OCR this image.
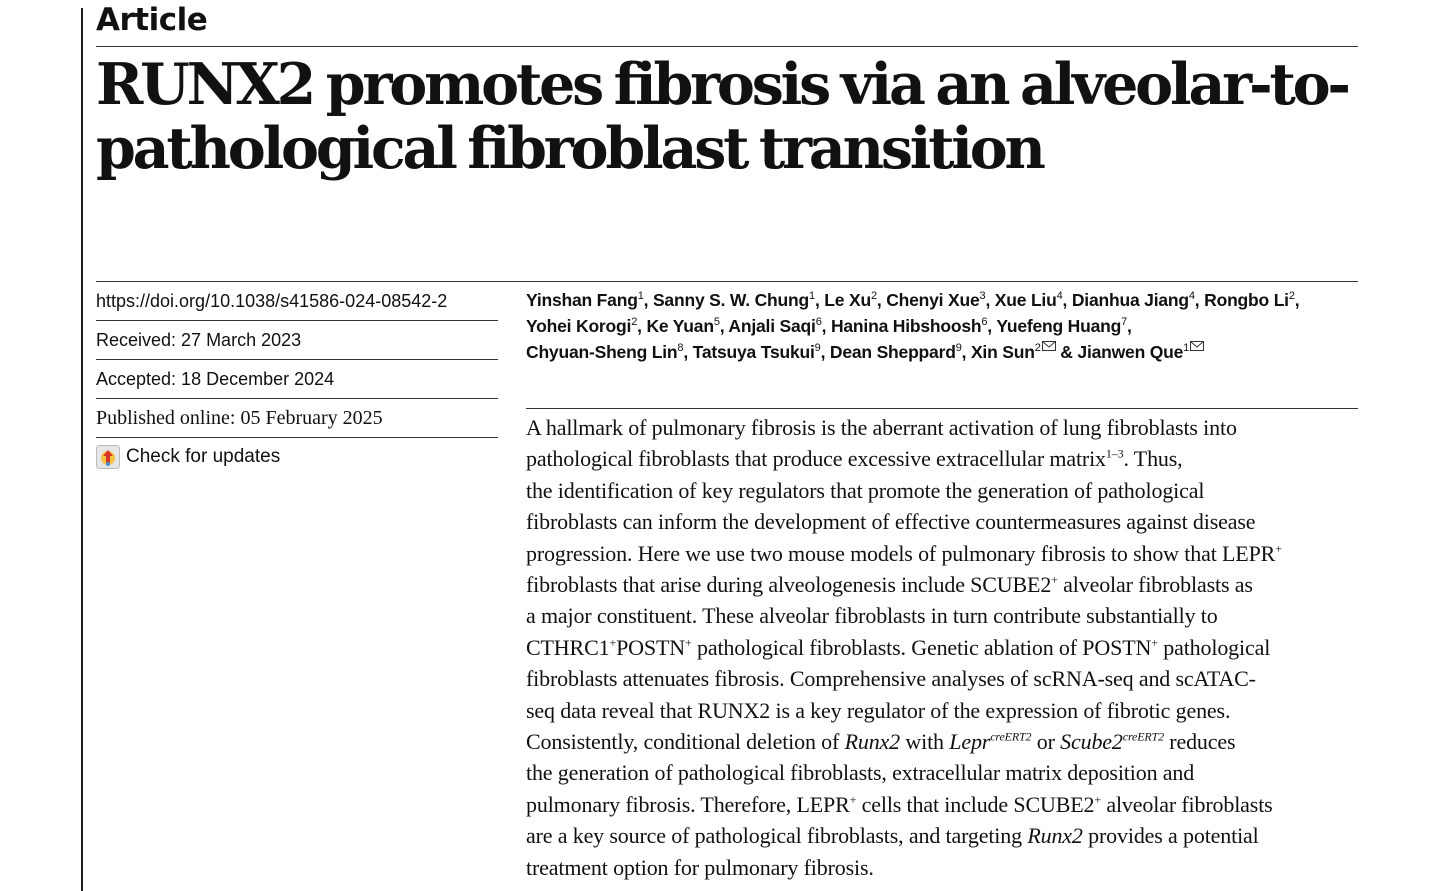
Article
RUNX2 promotes fibrosis via an alveolar-to-
pathological fibroblast transition
https://doi.org/10.1038/s41586-024-08542-2
Received: 27 March 2023
Accepted: 18 December 2024
Published online: 05 February 2025
Check for updates

Yinshan Fang$^1$, Sanny S. W. Chung$^1$, Le Xu$^2$, Chenyi Xue$^3$, Xue Liu$^4$, Dianhua Jiang$^4$, Rongbo Li$^2$,
Yohei Korogi$^2$, Ke Yuan$^5$, Anjali Saqi$^6$, Hanina Hibshoosh$^6$, Yuefeng Huang$^7$,
Chyuan-Sheng Lin$^8$, Tatsuya Tsukui$^9$, Dean Sheppard$^9$, Xin Sun$^2$ & Jianwen Que$^1$

A hallmark of pulmonary fibrosis is the aberrant activation of lung fibroblasts into
pathological fibroblasts that produce excessive extracellular matrix$^{1-3}$. Thus,
the identification of key regulators that promote the generation of pathological
fibroblasts can inform the development of effective countermeasures against disease
progression. Here we use two mouse models of pulmonary fibrosis to show that LEPR+
fibroblasts that arise during alveologenesis include SCUBE2+ alveolar fibroblasts as
a major constituent. These alveolar fibroblasts in turn contribute substantially to
CTHRC1+POSTN+ pathological fibroblasts. Genetic ablation of POSTN+ pathological
fibroblasts attenuates fibrosis. Comprehensive analyses of scRNA-seq and scATAC-
seq data reveal that RUNX2 is a key regulator of the expression of fibrotic genes.
Consistently, conditional deletion of Runx2 with Lepr$^{creERT2}$ or $Scube2^{creERT2}$ reduces
the generation of pathological fibroblasts, extracellular matrix deposition and
pulmonary fibrosis. Therefore, LEPR+ cells that include SCUBE2+ alveolar fibroblasts
are a key source of pathological fibroblasts, and targeting Runx2 provides a potential
treatment option for pulmonary fibrosis.
